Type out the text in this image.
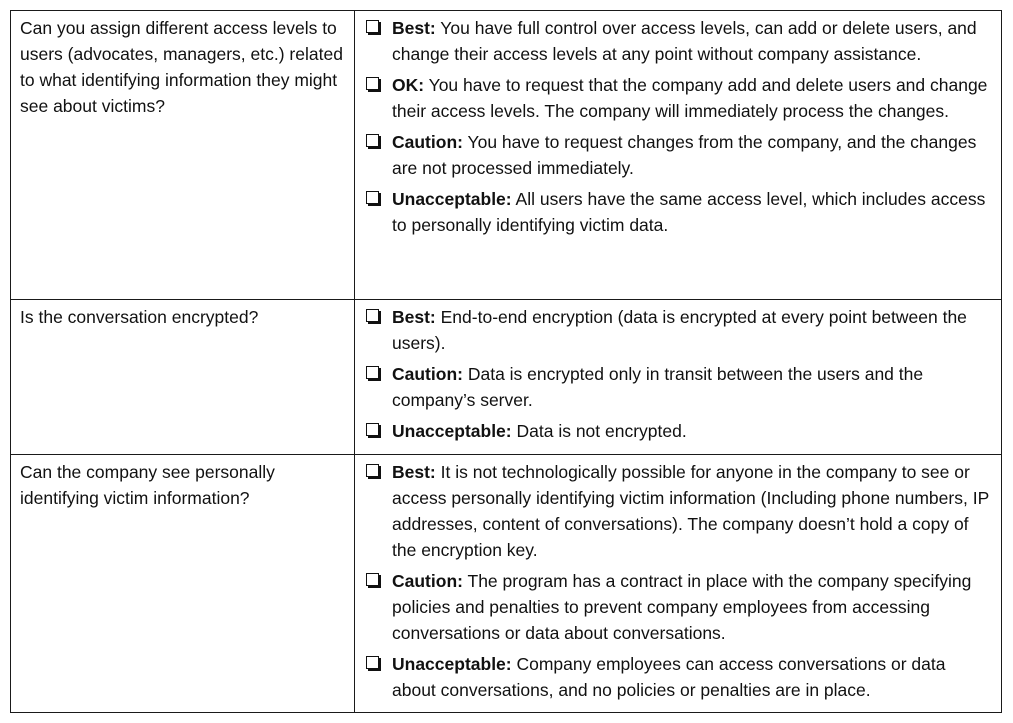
Can you assign different access levels to users (advocates, managers, etc.) related to what identifying information they might see about victims?	Best: You have full control over access levels, can add or delete users, and change their access levels at any point without company assistance.
OK: You have to request that the company add and delete users and change their access levels. The company will immediately process the changes.
Caution: You have to request changes from the company, and the changes are not processed immediately.
Unacceptable: All users have the same access level, which includes access to personally identifying victim data.

Is the conversation encrypted?	Best: End-to-end encryption (data is encrypted at every point between the users).
Caution: Data is encrypted only in transit between the users and the company’s server.
Unacceptable: Data is not encrypted.

Can the company see personally identifying victim information?	Best: It is not technologically possible for anyone in the company to see or access personally identifying victim information (Including phone numbers, IP addresses, content of conversations). The company doesn’t hold a copy of the encryption key.
Caution: The program has a contract in place with the company specifying policies and penalties to prevent company employees from accessing conversations or data about conversations.
Unacceptable: Company employees can access conversations or data about conversations, and no policies or penalties are in place.
